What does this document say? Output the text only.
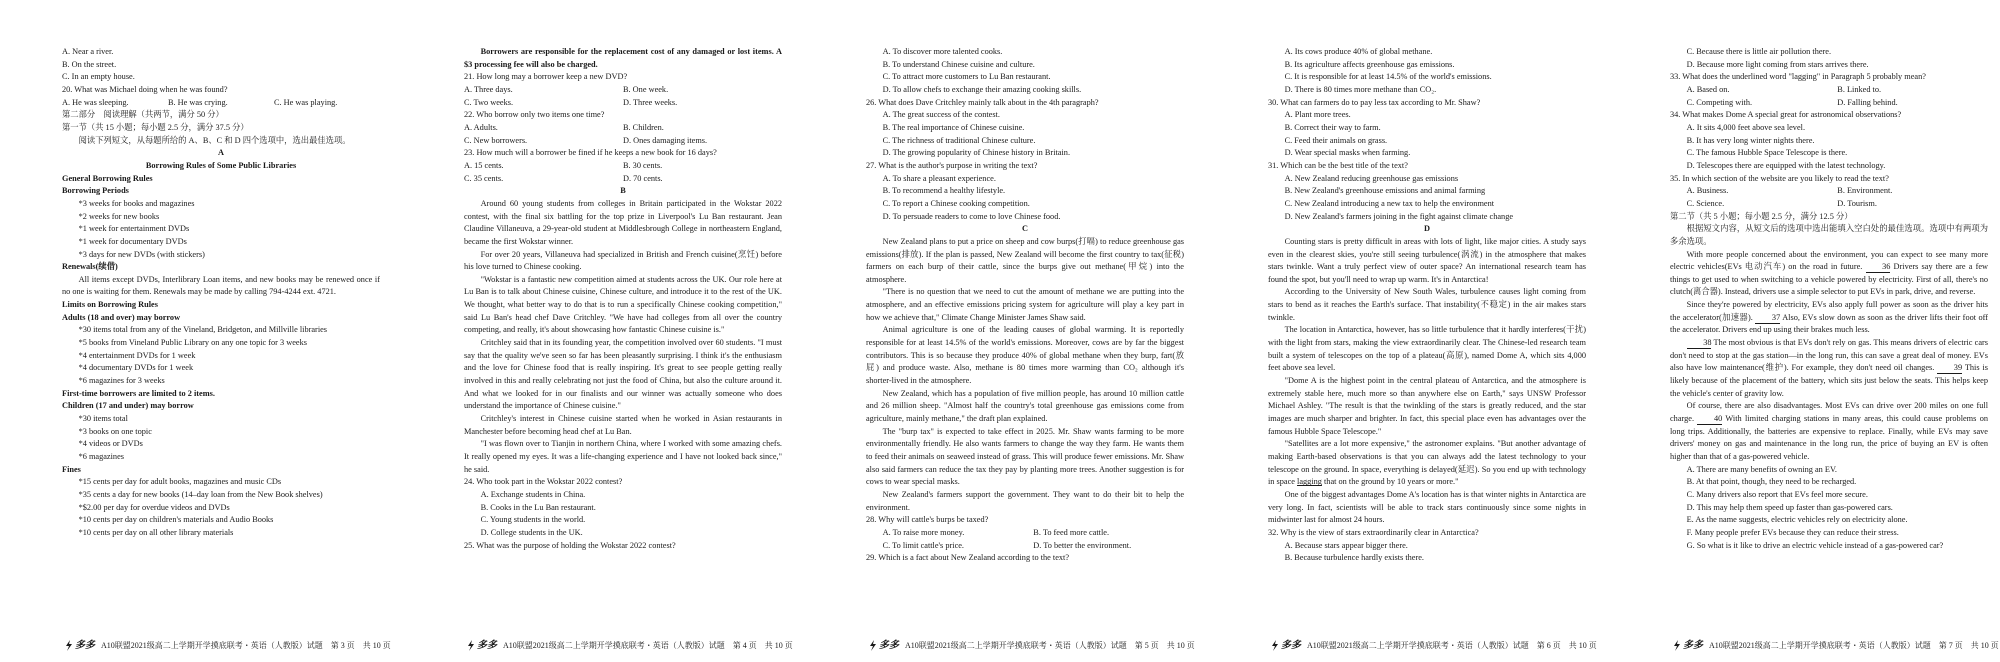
A. Near a river.

B. On the street.

C. In an empty house.

20. What was Michael doing when he was found?

A. He was sleeping.	B. He was crying.	C. He was playing.

第二部分　阅读理解（共两节，满分 50 分）

第一节（共 15 小题；每小题 2.5 分，满分 37.5 分）

阅读下列短文，从每题所给的 A、B、C 和 D 四个选项中，选出最佳选项。

A

Borrowing Rules of Some Public Libraries

General Borrowing Rules

Borrowing Periods

*3 weeks for books and magazines

*2 weeks for new books

*1 week for entertainment DVDs

*1 week for documentary DVDs

*3 days for new DVDs (with stickers)

Renewals(续借)

All items except DVDs, Interlibrary Loan items, and new books may be renewed once if no one is waiting for them. Renewals may be made by calling 794-4244 ext. 4721.

Limits on Borrowing Rules

Adults (18 and over) may borrow

*30 items total from any of the Vineland, Bridgeton, and Millville libraries

*5 books from Vineland Public Library on any one topic for 3 weeks

*4 entertainment DVDs for 1 week

*4 documentary DVDs for 1 week

*6 magazines for 3 weeks

First-time borrowers are limited to 2 items.

Children (17 and under) may borrow

*30 items total

*3 books on one topic

*4 videos or DVDs

*6 magazines

Fines

*15 cents per day for adult books, magazines and music CDs

*35 cents a day for new books (14–day loan from the New Book shelves)

*$2.00 per day for overdue videos and DVDs

*10 cents per day on children's materials and Audio Books

*10 cents per day on all other library materials

多多 A10联盟2021级高二上学期开学摸底联考・英语（人教版）试题　第 3 页　共 10 页

Borrowers are responsible for the replacement cost of any damaged or lost items. A $3 processing fee will also be charged.

21. How long may a borrower keep a new DVD?

A. Three days.	B. One week.
C. Two weeks.	D. Three weeks.

22. Who borrow only two items one time?

A. Adults.	B. Children.
C. New borrowers.	D. Ones damaging items.

23. How much will a borrower be fined if he keeps a new book for 16 days?

A. 15 cents.	B. 30 cents.
C. 35 cents.	D. 70 cents.

B

Around 60 young students from colleges in Britain participated in the Wokstar 2022 contest, with the final six battling for the top prize in Liverpool's Lu Ban restaurant. Jean Claudine Villaneuva, a 29-year-old student at Middlesbrough College in northeastern England, became the first Wokstar winner.

For over 20 years, Villaneuva had specialized in British and French cuisine(烹饪) before his love turned to Chinese cooking.

"Wokstar is a fantastic new competition aimed at students across the UK. Our role here at Lu Ban is to talk about Chinese cuisine, Chinese culture, and introduce it to the rest of the UK. We thought, what better way to do that is to run a specifically Chinese cooking competition," said Lu Ban's head chef Dave Critchley. "We have had colleges from all over the country competing, and really, it's about showcasing how fantastic Chinese cuisine is."

Critchley said that in its founding year, the competition involved over 60 students. "I must say that the quality we've seen so far has been pleasantly surprising. I think it's the enthusiasm and the love for Chinese food that is really inspiring. It's great to see people getting really involved in this and really celebrating not just the food of China, but also the culture around it. And what we looked for in our finalists and our winner was actually someone who does understand the importance of Chinese cuisine."

Critchley's interest in Chinese cuisine started when he worked in Asian restaurants in Manchester before becoming head chef at Lu Ban.

"I was flown over to Tianjin in northern China, where I worked with some amazing chefs. It really opened my eyes. It was a life-changing experience and I have not looked back since," he said.

24. Who took part in the Wokstar 2022 contest?

A. Exchange students in China.

B. Cooks in the Lu Ban restaurant.

C. Young students in the world.

D. College students in the UK.

25. What was the purpose of holding the Wokstar 2022 contest?

多多 A10联盟2021级高二上学期开学摸底联考・英语（人教版）试题　第 4 页　共 10 页

A. To discover more talented cooks.

B. To understand Chinese cuisine and culture.

C. To attract more customers to Lu Ban restaurant.

D. To allow chefs to exchange their amazing cooking skills.

26. What does Dave Critchley mainly talk about in the 4th paragraph?

A. The great success of the contest.

B. The real importance of Chinese cuisine.

C. The richness of traditional Chinese culture.

D. The growing popularity of Chinese history in Britain.

27. What is the author's purpose in writing the text?

A. To share a pleasant experience.

B. To recommend a healthy lifestyle.

C. To report a Chinese cooking competition.

D. To persuade readers to come to love Chinese food.

C

New Zealand plans to put a price on sheep and cow burps(打嗝) to reduce greenhouse gas emissions(排放). If the plan is passed, New Zealand will become the first country to tax(征税) farmers on each burp of their cattle, since the burps give out methane(甲烷) into the atmosphere.

"There is no question that we need to cut the amount of methane we are putting into the atmosphere, and an effective emissions pricing system for agriculture will play a key part in how we achieve that," Climate Change Minister James Shaw said.

Animal agriculture is one of the leading causes of global warming. It is reportedly responsible for at least 14.5% of the world's emissions. Moreover, cows are by far the biggest contributors. This is so because they produce 40% of global methane when they burp, fart(放屁) and produce waste. Also, methane is 80 times more warming than CO₂ although it's shorter-lived in the atmosphere.

New Zealand, which has a population of five million people, has around 10 million cattle and 26 million sheep. "Almost half the country's total greenhouse gas emissions come from agriculture, mainly methane," the draft plan explained.

The "burp tax" is expected to take effect in 2025. Mr. Shaw wants farming to be more environmentally friendly. He also wants farmers to change the way they farm. He wants them to feed their animals on seaweed instead of grass. This will produce fewer emissions. Mr. Shaw also said farmers can reduce the tax they pay by planting more trees. Another suggestion is for cows to wear special masks.

New Zealand's farmers support the government. They want to do their bit to help the environment.

28. Why will cattle's burps be taxed?

A. To raise more money.	B. To feed more cattle.
C. To limit cattle's price.	D. To better the environment.

29. Which is a fact about New Zealand according to the text?

多多 A10联盟2021级高二上学期开学摸底联考・英语（人教版）试题　第 5 页　共 10 页

A. Its cows produce 40% of global methane.

B. Its agriculture affects greenhouse gas emissions.

C. It is responsible for at least 14.5% of the world's emissions.

D. There is 80 times more methane than CO₂.

30. What can farmers do to pay less tax according to Mr. Shaw?

A. Plant more trees.

B. Correct their way to farm.

C. Feed their animals on grass.

D. Wear special masks when farming.

31. Which can be the best title of the text?

A. New Zealand reducing greenhouse gas emissions

B. New Zealand's greenhouse emissions and animal farming

C. New Zealand introducing a new tax to help the environment

D. New Zealand's farmers joining in the fight against climate change

D

Counting stars is pretty difficult in areas with lots of light, like major cities. A study says even in the clearest skies, you're still seeing turbulence(涡流) in the atmosphere that makes stars twinkle. Want a truly perfect view of outer space? An international research team has found the spot, but you'll need to wrap up warm. It's in Antarctica!

According to the University of New South Wales, turbulence causes light coming from stars to bend as it reaches the Earth's surface. That instability(不稳定) in the air makes stars twinkle.

The location in Antarctica, however, has so little turbulence that it hardly interferes(干扰) with the light from stars, making the view extraordinarily clear. The Chinese-led research team built a system of telescopes on the top of a plateau(高原), named Dome A, which sits 4,000 feet above sea level.

"Dome A is the highest point in the central plateau of Antarctica, and the atmosphere is extremely stable here, much more so than anywhere else on Earth," says UNSW Professor Michael Ashley. "The result is that the twinkling of the stars is greatly reduced, and the star images are much sharper and brighter. In fact, this special place even has advantages over the famous Hubble Space Telescope."

"Satellites are a lot more expensive," the astronomer explains. "But another advantage of making Earth-based observations is that you can always add the latest technology to your telescope on the ground. In space, everything is delayed(延迟). So you end up with technology in space lagging that on the ground by 10 years or more."

One of the biggest advantages Dome A's location has is that winter nights in Antarctica are very long. In fact, scientists will be able to track stars continuously since some nights in midwinter last for almost 24 hours.

32. Why is the view of stars extraordinarily clear in Antarctica?

A. Because stars appear bigger there.

B. Because turbulence hardly exists there.

多多 A10联盟2021级高二上学期开学摸底联考・英语（人教版）试题　第 6 页　共 10 页

C. Because there is little air pollution there.

D. Because more light coming from stars arrives there.

33. What does the underlined word "lagging" in Paragraph 5 probably mean?

A. Based on.	B. Linked to.
C. Competing with.	D. Falling behind.

34. What makes Dome A special great for astronomical observations?

A. It sits 4,000 feet above sea level.

B. It has very long winter nights there.

C. The famous Hubble Space Telescope is there.

D. Telescopes there are equipped with the latest technology.

35. In which section of the website are you likely to read the text?

A. Business.	B. Environment.
C. Science.	D. Tourism.

第二节（共 5 小题；每小题 2.5 分，满分 12.5 分）

根据短文内容，从短文后的选项中选出能填入空白处的最佳选项。选项中有两项为多余选项。

With more people concerned about the environment, you can expect to see many more electric vehicles(EVs 电动汽车) on the road in future. 36 Drivers say there are a few things to get used to when switching to a vehicle powered by electricity. First of all, there's no clutch(离合器). Instead, drivers use a simple selector to put EVs in park, drive, and reverse.

Since they're powered by electricity, EVs also apply full power as soon as the driver hits the accelerator(加速器). 37 Also, EVs slow down as soon as the driver lifts their foot off the accelerator. Drivers end up using their brakes much less.

38 The most obvious is that EVs don't rely on gas. This means drivers of electric cars don't need to stop at the gas station—in the long run, this can save a great deal of money. EVs also have low maintenance(维护). For example, they don't need oil changes. 39 This is likely because of the placement of the battery, which sits just below the seats. This helps keep the vehicle's center of gravity low.

Of course, there are also disadvantages. Most EVs can drive over 200 miles on one full charge. 40 With limited charging stations in many areas, this could cause problems on long trips. Additionally, the batteries are expensive to replace. Finally, while EVs may save drivers' money on gas and maintenance in the long run, the price of buying an EV is often higher than that of a gas-powered vehicle.

A. There are many benefits of owning an EV.

B. At that point, though, they need to be recharged.

C. Many drivers also report that EVs feel more secure.

D. This may help them speed up faster than gas-powered cars.

E. As the name suggests, electric vehicles rely on electricity alone.

F. Many people prefer EVs because they can reduce their stress.

G. So what is it like to drive an electric vehicle instead of a gas-powered car?

多多 A10联盟2021级高二上学期开学摸底联考・英语（人教版）试题　第 7 页　共 10 页
